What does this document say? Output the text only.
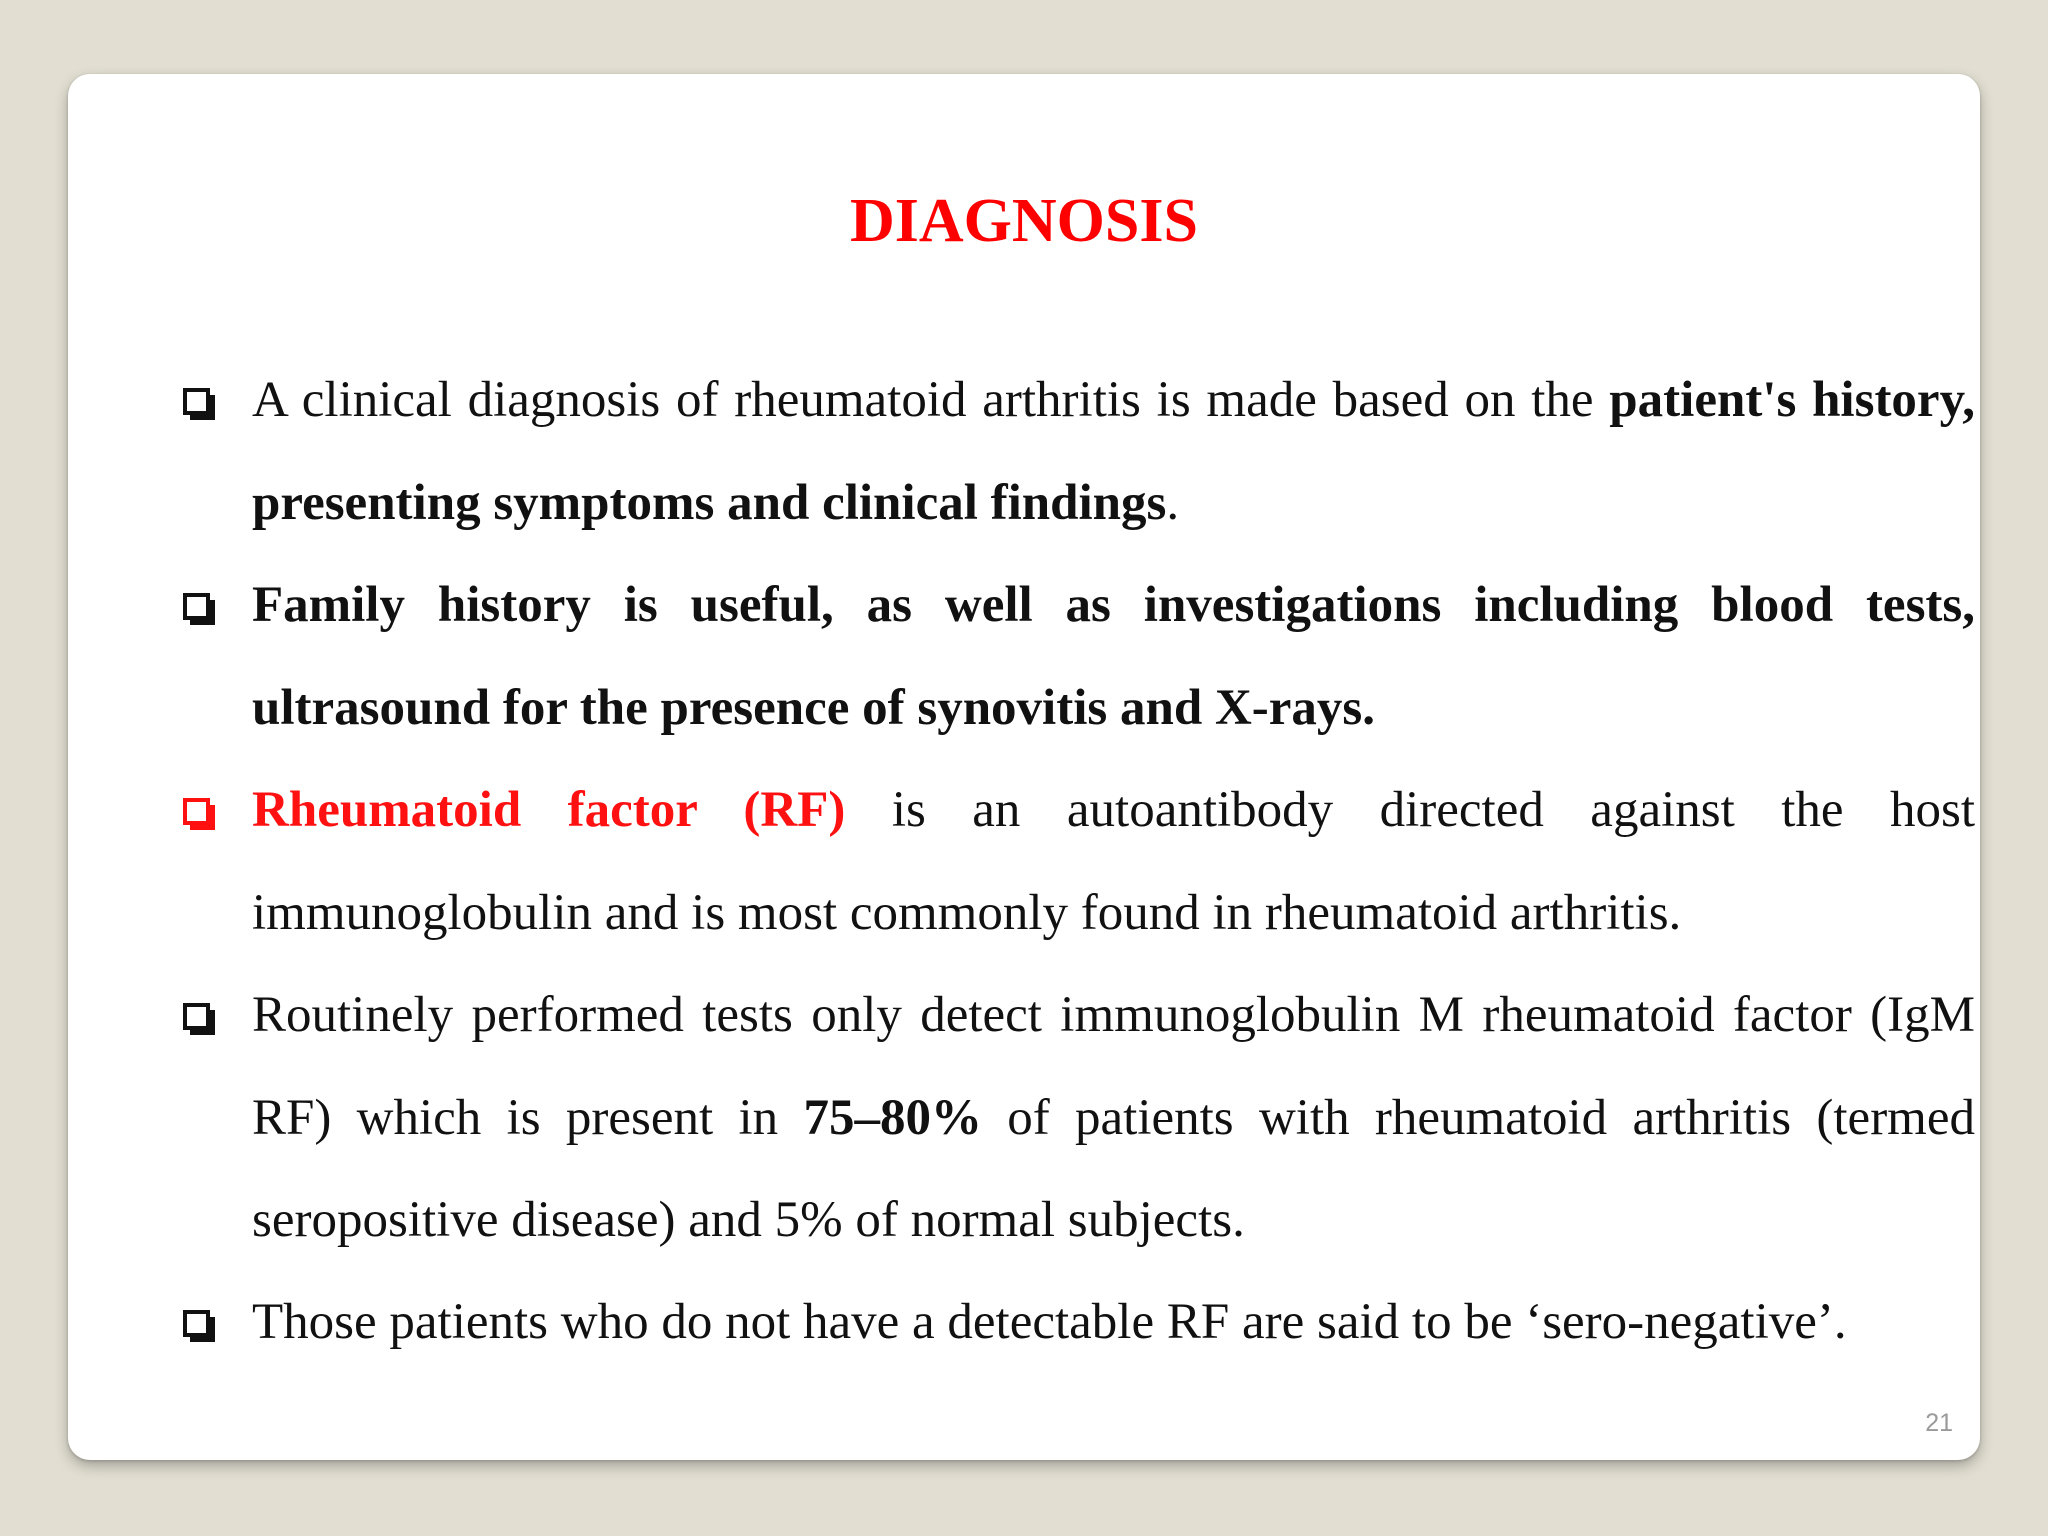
DIAGNOSIS
A clinical diagnosis of rheumatoid arthritis is made based on the patient's history, presenting symptoms and clinical findings.
Family history is useful, as well as investigations including blood tests, ultrasound for the presence of synovitis and X-rays.
Rheumatoid factor (RF) is an autoantibody directed against the host immunoglobulin and is most commonly found in rheumatoid arthritis.
Routinely performed tests only detect immunoglobulin M rheumatoid factor (IgM RF) which is present in 75–80% of patients with rheumatoid arthritis (termed seropositive disease) and 5% of normal subjects.
Those patients who do not have a detectable RF are said to be ‘sero-negative’.
21
